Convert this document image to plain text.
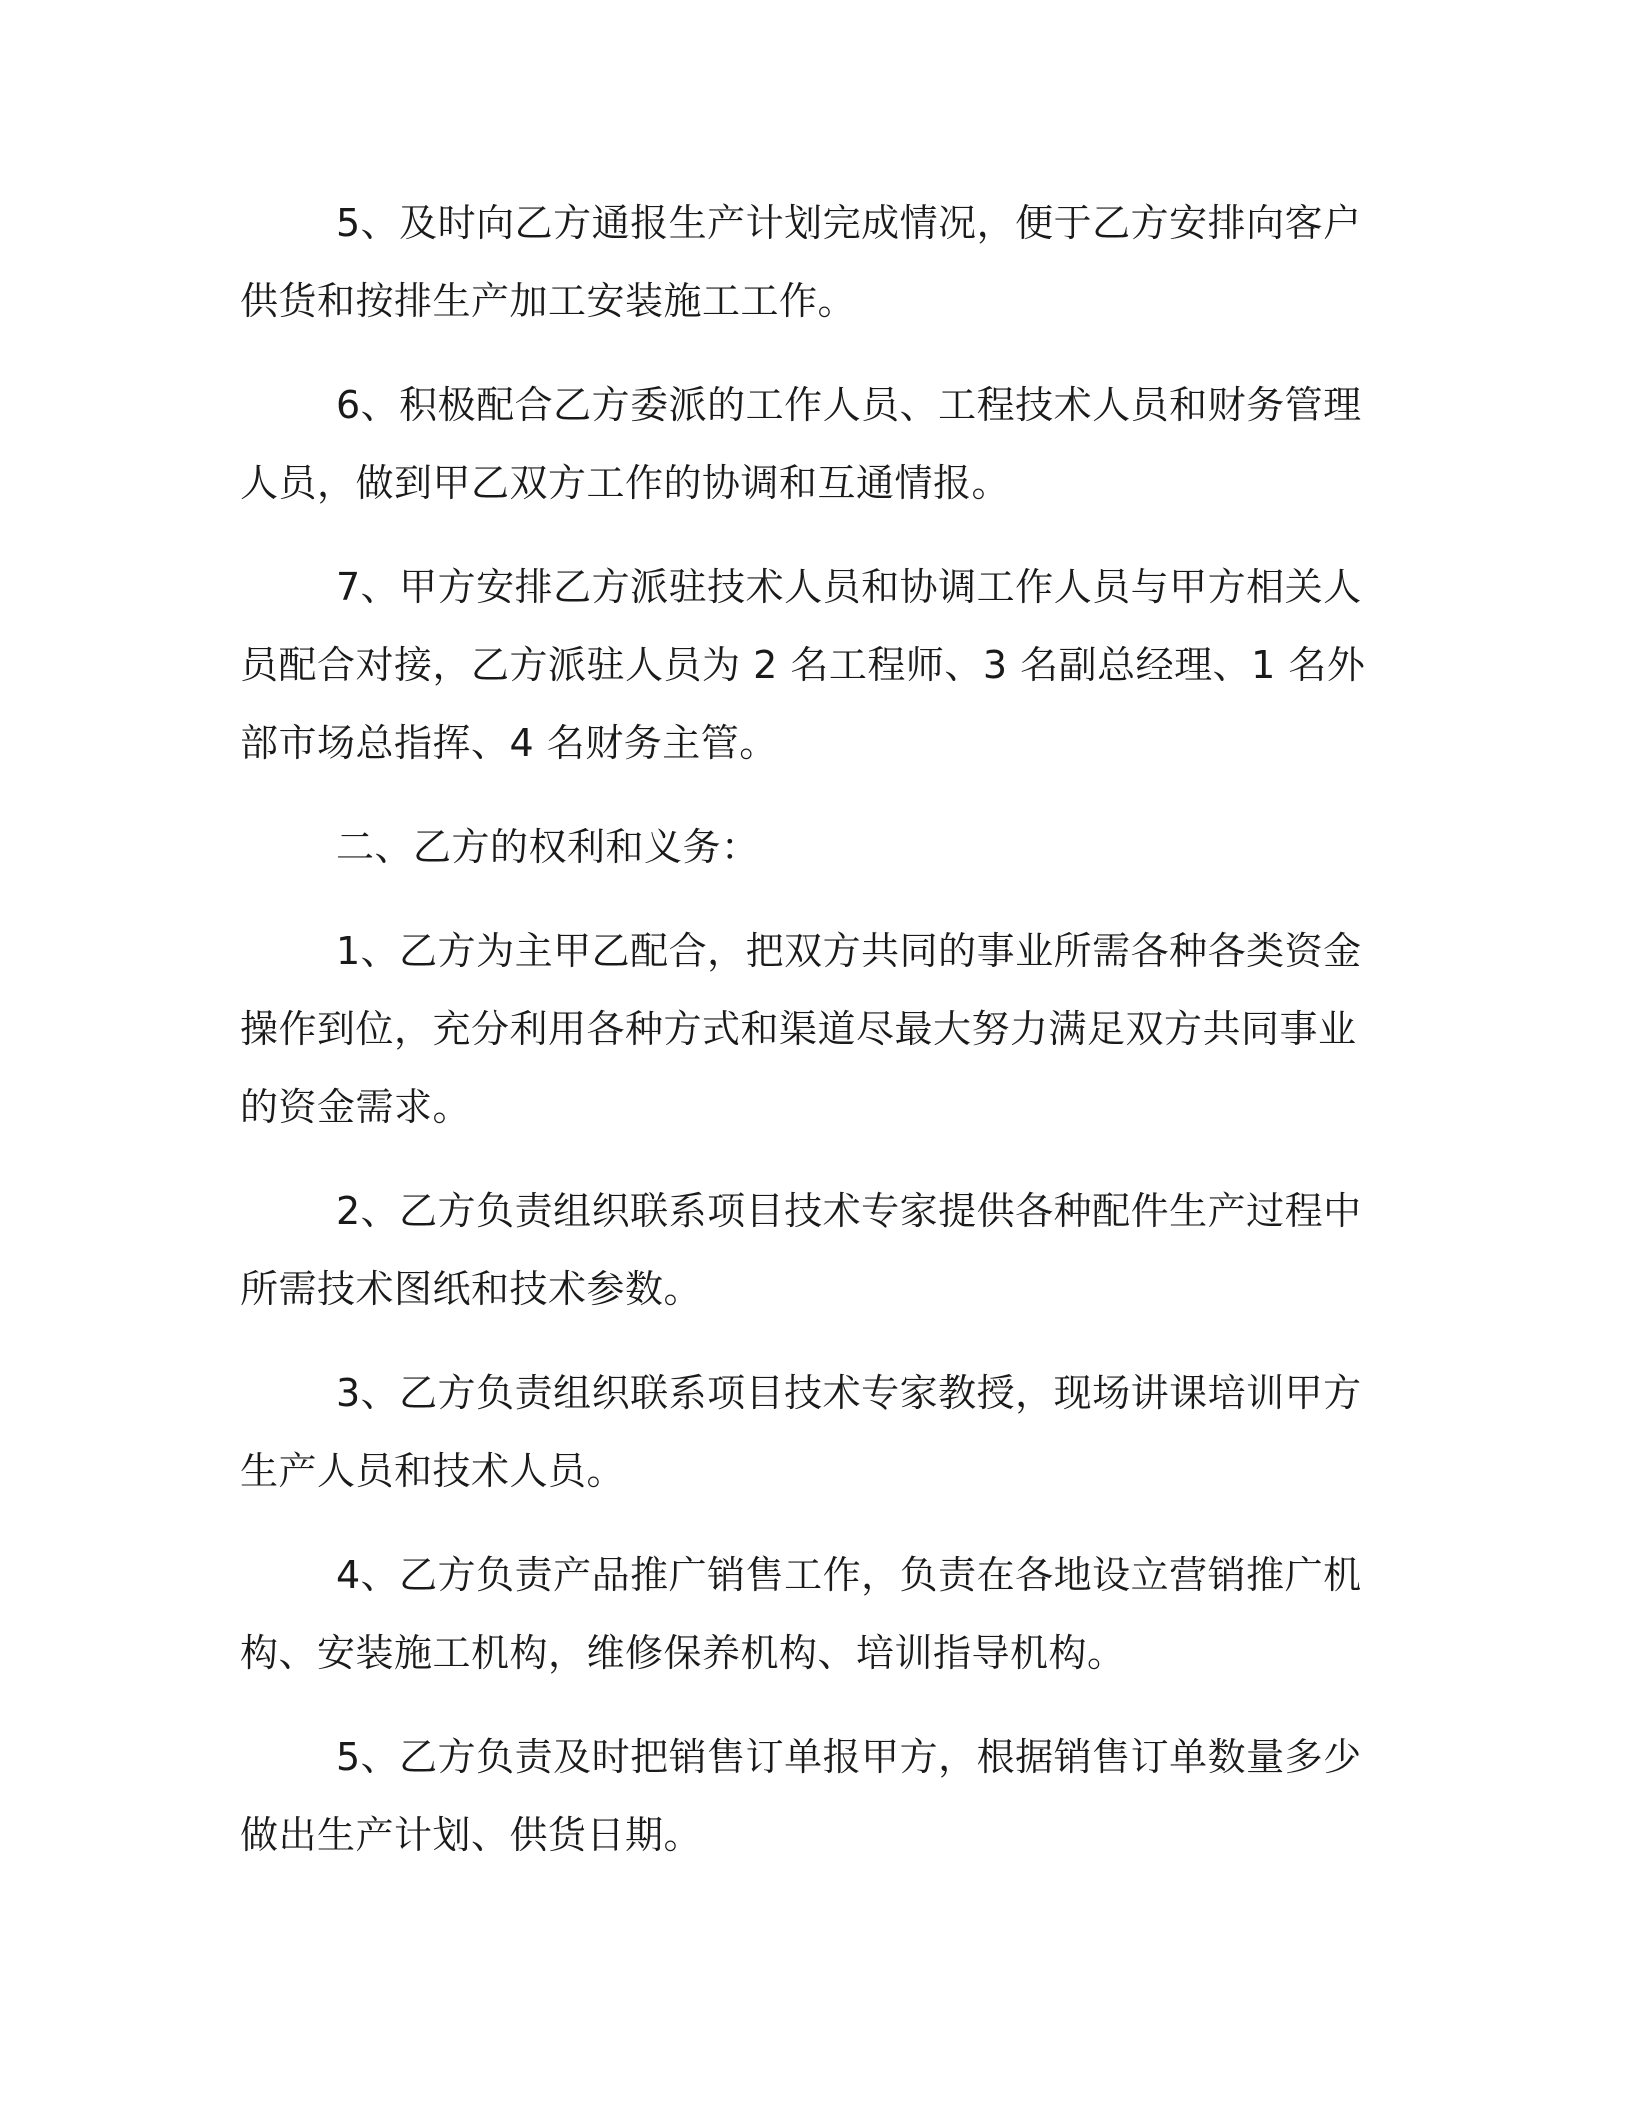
5、及时向乙方通报生产计划完成情况，便于乙方安排向客户供货和按排生产加工安装施工工作。

6、积极配合乙方委派的工作人员、工程技术人员和财务管理人员，做到甲乙双方工作的协调和互通情报。

7、甲方安排乙方派驻技术人员和协调工作人员与甲方相关人员配合对接，乙方派驻人员为 2 名工程师、3 名副总经理、1 名外部市场总指挥、4 名财务主管。

二、乙方的权利和义务：

1、乙方为主甲乙配合，把双方共同的事业所需各种各类资金操作到位，充分利用各种方式和渠道尽最大努力满足双方共同事业的资金需求。

2、乙方负责组织联系项目技术专家提供各种配件生产过程中所需技术图纸和技术参数。

3、乙方负责组织联系项目技术专家教授，现场讲课培训甲方生产人员和技术人员。

4、乙方负责产品推广销售工作，负责在各地设立营销推广机构、安装施工机构，维修保养机构、培训指导机构。

5、乙方负责及时把销售订单报甲方，根据销售订单数量多少做出生产计划、供货日期。
